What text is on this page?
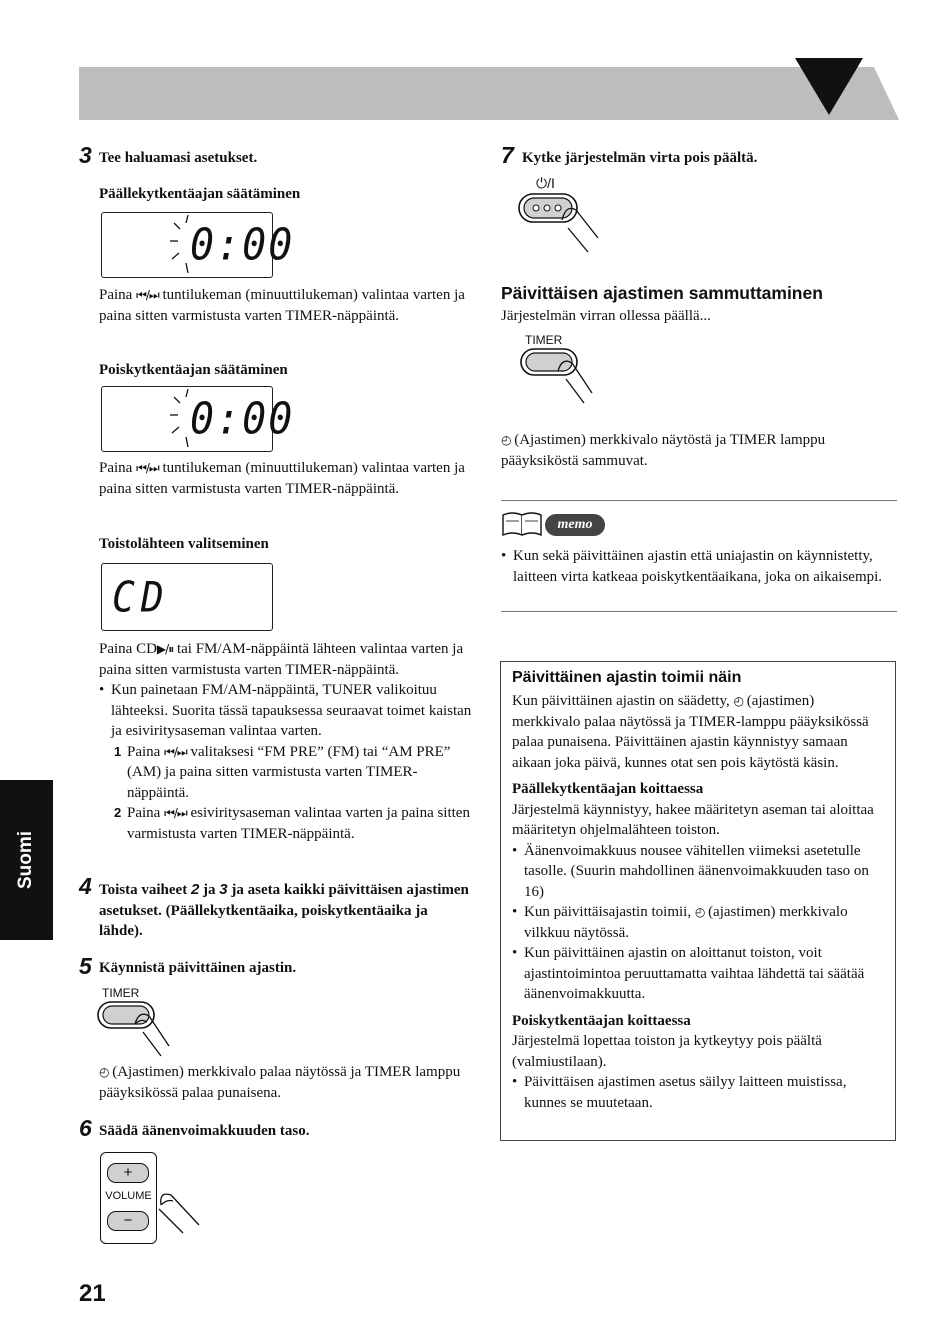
Suomi
21
3 Tee haluamasi asetukset.
Päällekytkentäajan säätäminen
0:00
Paina ⏮/⏭ tuntilukeman (minuuttilukeman) valintaa varten ja paina sitten varmistusta varten TIMER-näppäintä.
Poiskytkentäajan säätäminen
0:00
Paina ⏮/⏭ tuntilukeman (minuuttilukeman) valintaa varten ja paina sitten varmistusta varten TIMER-näppäintä.
Toistolähteen valitseminen
CD
Paina CD▶/⏸ tai FM/AM-näppäintä lähteen valintaa varten ja paina sitten varmistusta varten TIMER-näppäintä.
• Kun painetaan FM/AM-näppäintä, TUNER valikoituu lähteeksi. Suorita tässä tapauksessa seuraavat toimet kaistan ja esiviritysaseman valintaa varten.
1 Paina ⏮/⏭ valitaksesi “FM PRE” (FM) tai “AM PRE” (AM) ja paina sitten varmistusta varten TIMER-näppäintä.
2 Paina ⏮/⏭ esiviritysaseman valintaa varten ja paina sitten varmistusta varten TIMER-näppäintä.
4 Toista vaiheet 2 ja 3 ja aseta kaikki päivittäisen ajastimen asetukset. (Päällekytkentäaika, poiskytkentäaika ja lähde).
5 Käynnistä päivittäinen ajastin.
TIMER
◴ (Ajastimen) merkkivalo palaa näytössä ja TIMER lamppu pääyksikössä palaa punaisena.
6 Säädä äänenvoimakkuuden taso.
+
VOLUME
−
7 Kytke järjestelmän virta pois päältä.
⏻/I
Päivittäisen ajastimen sammuttaminen
Järjestelmän virran ollessa päällä...
TIMER
◴ (Ajastimen) merkkivalo näytöstä ja TIMER lamppu pääyksiköstä sammuvat.
memo
• Kun sekä päivittäinen ajastin että uniajastin on käynnistetty, laitteen virta katkeaa poiskytkentäaikana, joka on aikaisempi.
Päivittäinen ajastin toimii näin
Kun päivittäinen ajastin on säädetty, ◴ (ajastimen) merkkivalo palaa näytössä ja TIMER-lamppu pääyksikössä palaa punaisena. Päivittäinen ajastin käynnistyy samaan aikaan joka päivä, kunnes otat sen pois käytöstä käsin.
Päällekytkentäajan koittaessa
Järjestelmä käynnistyy, hakee määritetyn aseman tai aloittaa määritetyn ohjelmalähteen toiston.
• Äänenvoimakkuus nousee vähitellen viimeksi asetetulle tasolle. (Suurin mahdollinen äänenvoimakkuuden taso on 16)
• Kun päivittäisajastin toimii, ◴ (ajastimen) merkkivalo vilkkuu näytössä.
• Kun päivittäinen ajastin on aloittanut toiston, voit ajastintoimintoa peruuttamatta vaihtaa lähdettä tai säätää äänenvoimakkuutta.
Poiskytkentäajan koittaessa
Järjestelmä lopettaa toiston ja kytkeytyy pois päältä (valmiustilaan).
• Päivittäisen ajastimen asetus säilyy laitteen muistissa, kunnes se muutetaan.
